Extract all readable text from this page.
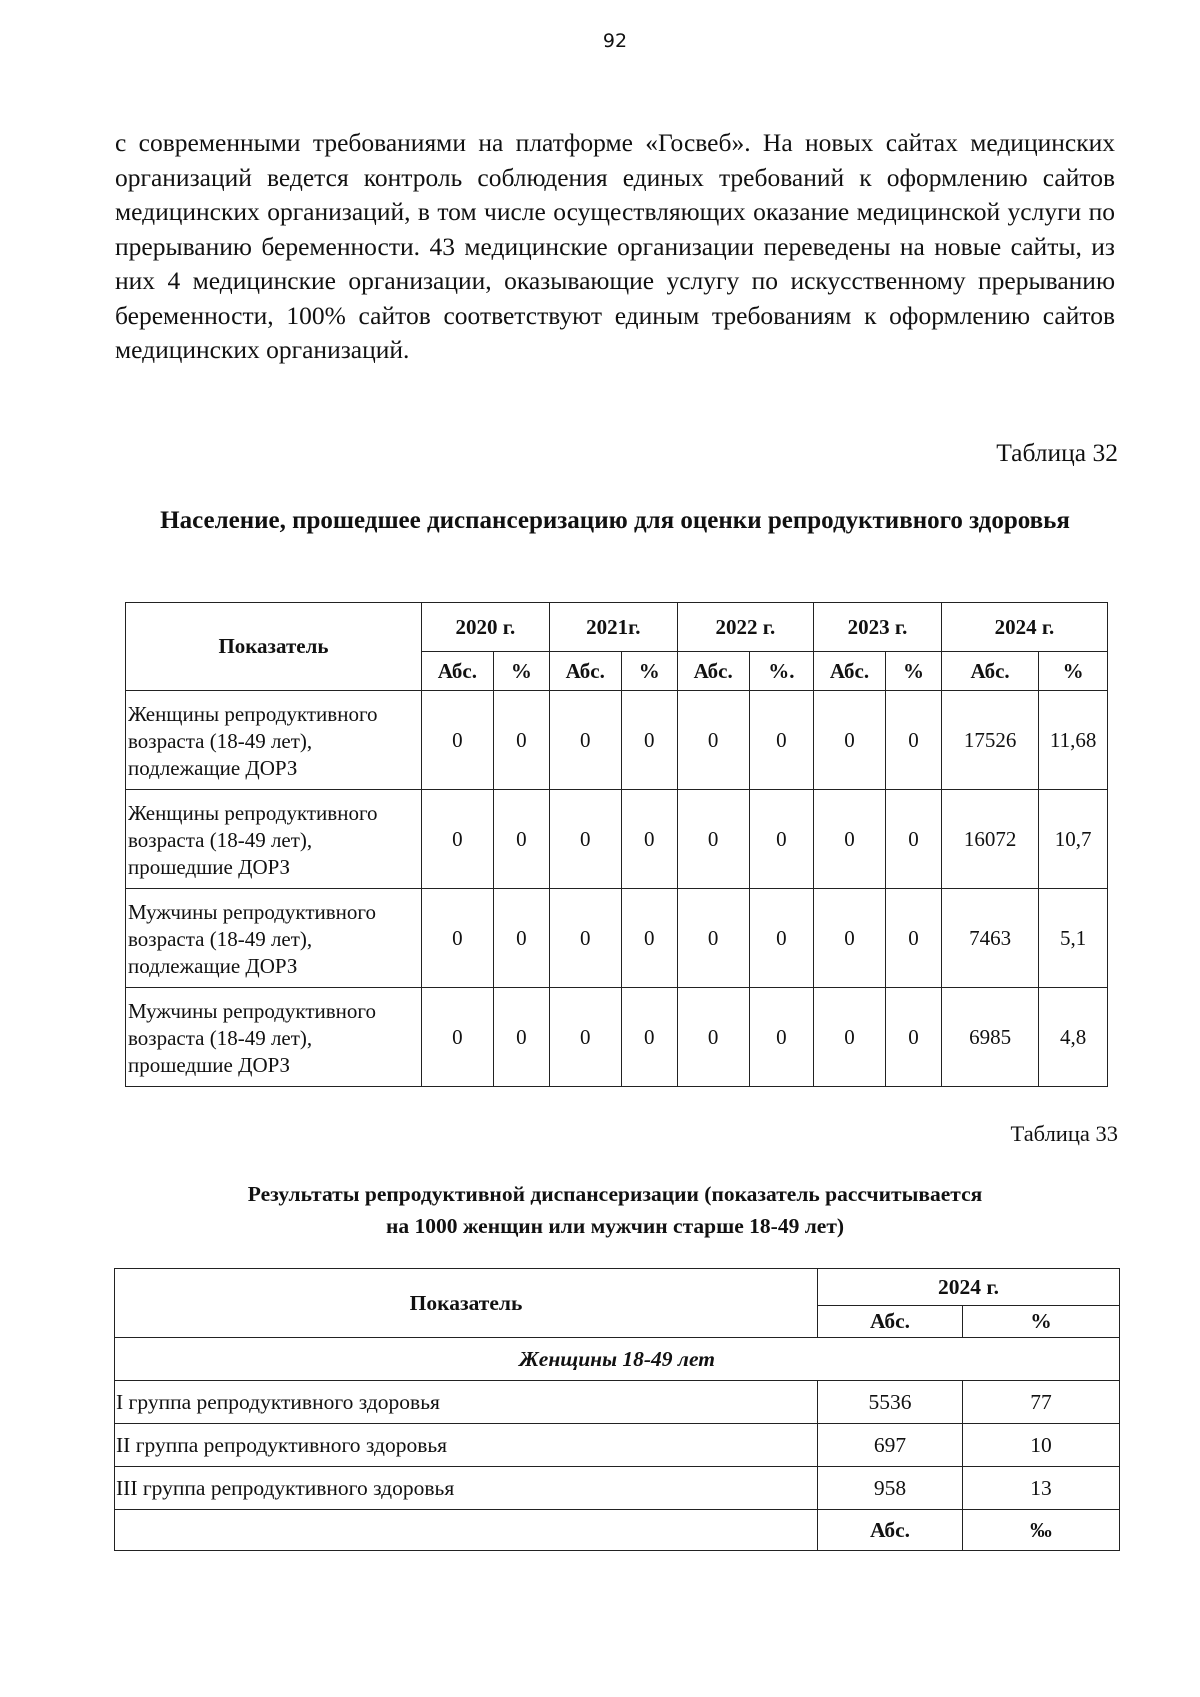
92

с современными требованиями на платформе «Госвеб». На новых сайтах медицинских организаций ведется контроль соблюдения единых требований к оформлению сайтов медицинских организаций, в том числе осуществляющих оказание медицинской услуги по прерыванию беременности. 43 медицинские организации переведены на новые сайты, из них 4 медицинские организации, оказывающие услугу по искусственному прерыванию беременности, 100% сайтов соответствуют единым требованиям к оформлению сайтов медицинских организаций.

Таблица 32
Население, прошедшее диспансеризацию для оценки репродуктивного здоровья
Показатель	2020 г.		2021г.		2022 г.		2023 г.		2024 г.	
	Абс.	%	Абс.	%	Абс.	%.	Абс.	%	Абс.	%
Женщины репродуктивного возраста (18-49 лет), подлежащие ДОРЗ	0	0	0	0	0	0	0	0	17526	11,68
Женщины репродуктивного возраста (18-49 лет), прошедшие ДОРЗ	0	0	0	0	0	0	0	0	16072	10,7
Мужчины репродуктивного возраста (18-49 лет), подлежащие ДОРЗ	0	0	0	0	0	0	0	0	7463	5,1
Мужчины репродуктивного возраста (18-49 лет), прошедшие ДОРЗ	0	0	0	0	0	0	0	0	6985	4,8
Таблица 33
Результаты репродуктивной диспансеризации (показатель рассчитывается
на 1000 женщин или мужчин старше 18-49 лет)
Показатель	2024 г.	
	Абс.	%
Женщины 18-49 лет		
I группа репродуктивного здоровья	5536	77
II группа репродуктивного здоровья	697	10
III группа репродуктивного здоровья	958	13
	Абс.	‰
